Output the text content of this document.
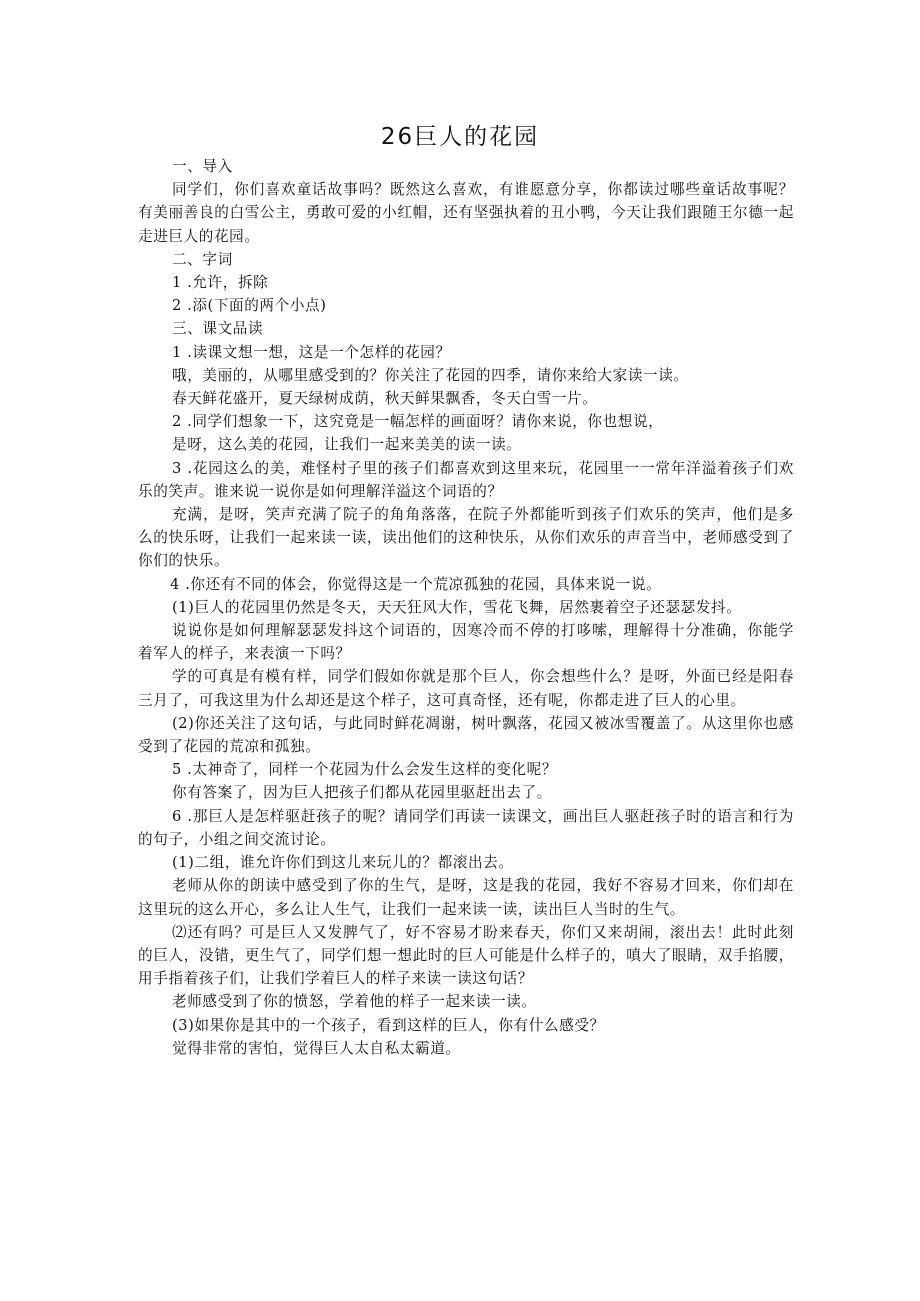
26巨人的花园

一、导入

同学们，你们喜欢童话故事吗？既然这么喜欢，有谁愿意分享，你都读过哪些童话故事呢？有美丽善良的白雪公主，勇敢可爱的小红帽，还有坚强执着的丑小鸭，今天让我们跟随王尔德一起走进巨人的花园。

二、字词

1 .允许，拆除

2 .添(下面的两个小点)

三、课文品读

1 .读课文想一想，这是一个怎样的花园？

哦，美丽的，从哪里感受到的？你关注了花园的四季，请你来给大家读一读。

春天鲜花盛开，夏天绿树成荫，秋天鲜果飘香，冬天白雪一片。

2 .同学们想象一下，这究竟是一幅怎样的画面呀？请你来说，你也想说，

是呀，这么美的花园，让我们一起来美美的读一读。

3 .花园这么的美，难怪村子里的孩子们都喜欢到这里来玩，花园里一一常年洋溢着孩子们欢乐的笑声。谁来说一说你是如何理解洋溢这个词语的？

充满，是呀，笑声充满了院子的角角落落，在院子外都能听到孩子们欢乐的笑声，他们是多么的快乐呀，让我们一起来读一读，读出他们的这种快乐，从你们欢乐的声音当中，老师感受到了你们的快乐。

4 .你还有不同的体会，你觉得这是一个荒凉孤独的花园，具体来说一说。

(1)巨人的花园里仍然是冬天，天天狂风大作，雪花飞舞，居然裹着空子还瑟瑟发抖。

说说你是如何理解瑟瑟发抖这个词语的，因寒冷而不停的打哆嗦，理解得十分准确，你能学着军人的样子，来表演一下吗？

学的可真是有模有样，同学们假如你就是那个巨人，你会想些什么？是呀，外面已经是阳春三月了，可我这里为什么却还是这个样子，这可真奇怪，还有呢，你都走进了巨人的心里。

(2)你还关注了这句话，与此同时鲜花凋谢，树叶飘落，花园又被冰雪覆盖了。从这里你也感受到了花园的荒凉和孤独。

5 .太神奇了，同样一个花园为什么会发生这样的变化呢？

你有答案了，因为巨人把孩子们都从花园里驱赶出去了。

6 .那巨人是怎样驱赶孩子的呢？请同学们再读一读课文，画出巨人驱赶孩子时的语言和行为的句子，小组之间交流讨论。

(1)二组，谁允许你们到这儿来玩儿的？都滚出去。

老师从你的朗读中感受到了你的生气，是呀，这是我的花园，我好不容易才回来，你们却在这里玩的这么开心，多么让人生气，让我们一起来读一读，读出巨人当时的生气。

⑵还有吗？可是巨人又发脾气了，好不容易才盼来春天，你们又来胡闹，滚出去！此时此刻的巨人，没错，更生气了，同学们想一想此时的巨人可能是什么样子的，嗔大了眼睛，双手掐腰，用手指着孩子们，让我们学着巨人的样子来读一读这句话？

老师感受到了你的愤怒，学着他的样子一起来读一读。

(3)如果你是其中的一个孩子，看到这样的巨人，你有什么感受？

觉得非常的害怕，觉得巨人太自私太霸道。
